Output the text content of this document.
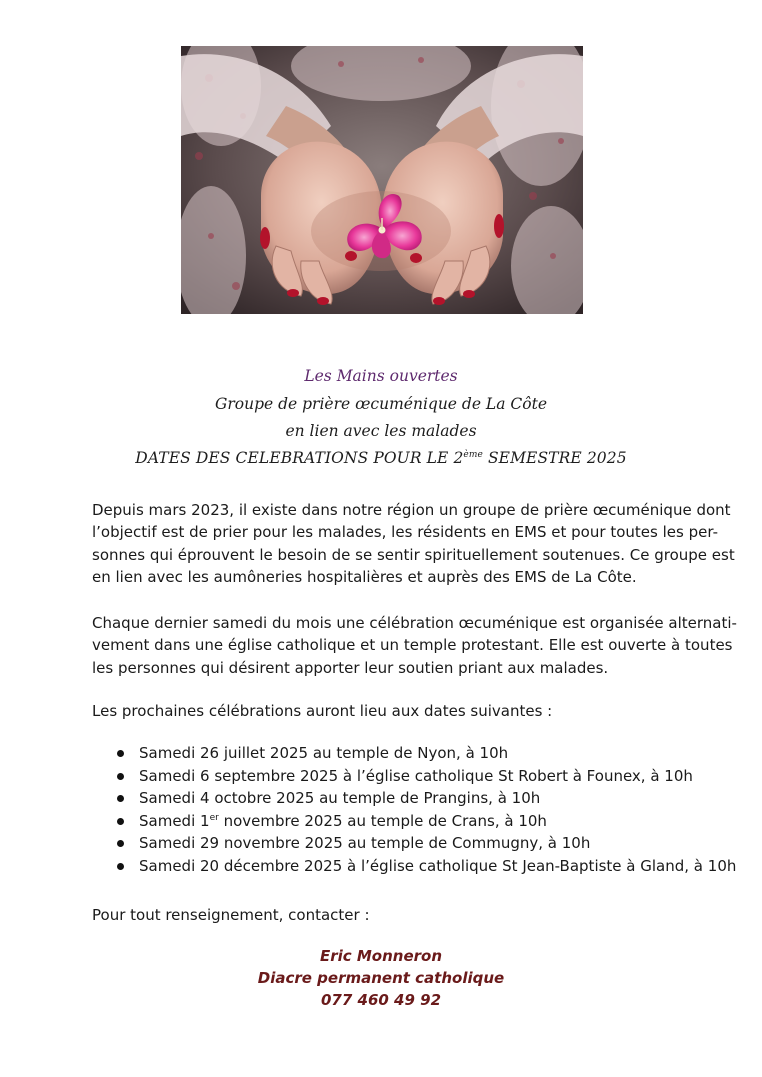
Les Mains ouvertes
Groupe de prière œcuménique de La Côte
en lien avec les malades
DATES DES CELEBRATIONS POUR LE 2ème SEMESTRE 2025
Depuis mars 2023, il existe dans notre région un groupe de prière œcuménique dont
l’objectif est de prier pour les malades, les résidents en EMS et pour toutes les per-
sonnes qui éprouvent le besoin de se sentir spirituellement soutenues. Ce groupe est
en lien avec les aumôneries hospitalières et auprès des EMS de La Côte.
Chaque dernier samedi du mois une célébration œcuménique est organisée alternati-
vement dans une église catholique et un temple protestant. Elle est ouverte à toutes
les personnes qui désirent apporter leur soutien priant aux malades.
Les prochaines célébrations auront lieu aux dates suivantes :
Samedi 26 juillet 2025 au temple de Nyon, à 10h
Samedi 6 septembre 2025 à l’église catholique St Robert à Founex, à 10h
Samedi 4 octobre 2025 au temple de Prangins, à 10h
Samedi 1er novembre 2025 au temple de Crans, à 10h
Samedi 29 novembre 2025 au temple de Commugny, à 10h
Samedi 20 décembre 2025 à l’église catholique St Jean-Baptiste à Gland, à 10h
Pour tout renseignement, contacter :
Eric Monneron
Diacre permanent catholique
077 460 49 92
